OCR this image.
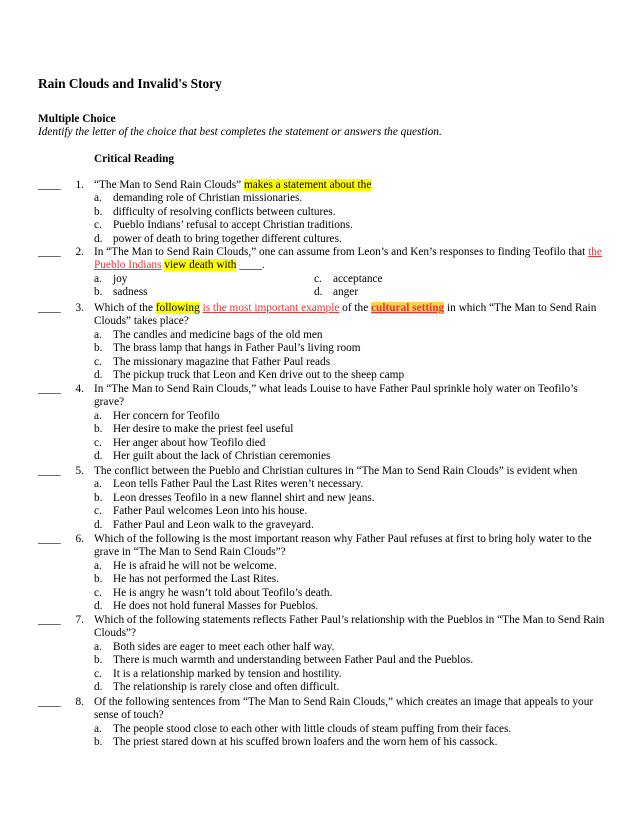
Rain Clouds and Invalid's Story
Multiple Choice
Identify the letter of the choice that best completes the statement or answers the question.
Critical Reading
____	1. “The Man to Send Rain Clouds” makes a statement about the
a. demanding role of Christian missionaries.
b. difficulty of resolving conflicts between cultures.
c. Pueblo Indians’ refusal to accept Christian traditions.
d. power of death to bring together different cultures.
____	2. In “The Man to Send Rain Clouds,” one can assume from Leon’s and Ken’s responses to finding Teofilo that the Pueblo Indians view death with ____.
a. joy	c. acceptance
b. sadness	d. anger
____	3. Which of the following is the most important example of the cultural setting in which “The Man to Send Rain Clouds” takes place?
a. The candles and medicine bags of the old men
b. The brass lamp that hangs in Father Paul’s living room
c. The missionary magazine that Father Paul reads
d. The pickup truck that Leon and Ken drive out to the sheep camp
____	4. In “The Man to Send Rain Clouds,” what leads Louise to have Father Paul sprinkle holy water on Teofilo’s grave?
a. Her concern for Teofilo
b. Her desire to make the priest feel useful
c. Her anger about how Teofilo died
d. Her guilt about the lack of Christian ceremonies
____	5. The conflict between the Pueblo and Christian cultures in “The Man to Send Rain Clouds” is evident when
a. Leon tells Father Paul the Last Rites weren’t necessary.
b. Leon dresses Teofilo in a new flannel shirt and new jeans.
c. Father Paul welcomes Leon into his house.
d. Father Paul and Leon walk to the graveyard.
____	6. Which of the following is the most important reason why Father Paul refuses at first to bring holy water to the grave in “The Man to Send Rain Clouds”?
a. He is afraid he will not be welcome.
b. He has not performed the Last Rites.
c. He is angry he wasn’t told about Teofilo’s death.
d. He does not hold funeral Masses for Pueblos.
____	7. Which of the following statements reflects Father Paul’s relationship with the Pueblos in “The Man to Send Rain Clouds”?
a. Both sides are eager to meet each other half way.
b. There is much warmth and understanding between Father Paul and the Pueblos.
c. It is a relationship marked by tension and hostility.
d. The relationship is rarely close and often difficult.
____	8. Of the following sentences from “The Man to Send Rain Clouds,” which creates an image that appeals to your sense of touch?
a. The people stood close to each other with little clouds of steam puffing from their faces.
b. The priest stared down at his scuffed brown loafers and the worn hem of his cassock.
